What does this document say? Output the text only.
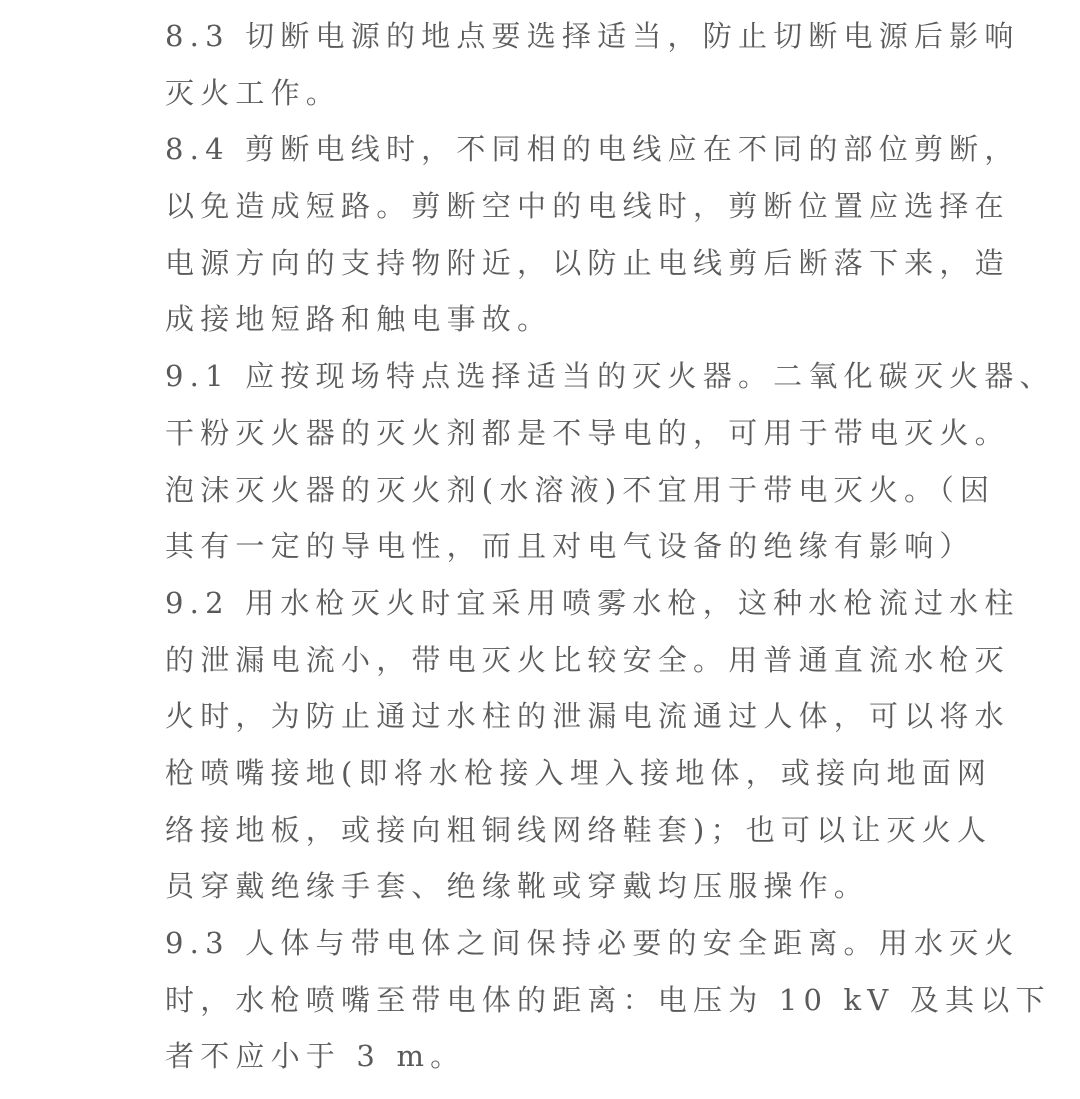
8.3 切断电源的地点要选择适当，防止切断电源后影响
灭火工作。
8.4 剪断电线时，不同相的电线应在不同的部位剪断，
以免造成短路。剪断空中的电线时，剪断位置应选择在
电源方向的支持物附近，以防止电线剪后断落下来，造
成接地短路和触电事故。
9.1 应按现场特点选择适当的灭火器。二氧化碳灭火器、
干粉灭火器的灭火剂都是不导电的，可用于带电灭火。
泡沫灭火器的灭火剂(水溶液)不宜用于带电灭火。（因
其有一定的导电性，而且对电气设备的绝缘有影响）
9.2 用水枪灭火时宜采用喷雾水枪，这种水枪流过水柱
的泄漏电流小，带电灭火比较安全。用普通直流水枪灭
火时，为防止通过水柱的泄漏电流通过人体，可以将水
枪喷嘴接地(即将水枪接入埋入接地体，或接向地面网
络接地板，或接向粗铜线网络鞋套)；也可以让灭火人
员穿戴绝缘手套、绝缘靴或穿戴均压服操作。
9.3 人体与带电体之间保持必要的安全距离。用水灭火
时，水枪喷嘴至带电体的距离：电压为 10 kV 及其以下
者不应小于 3 m。
